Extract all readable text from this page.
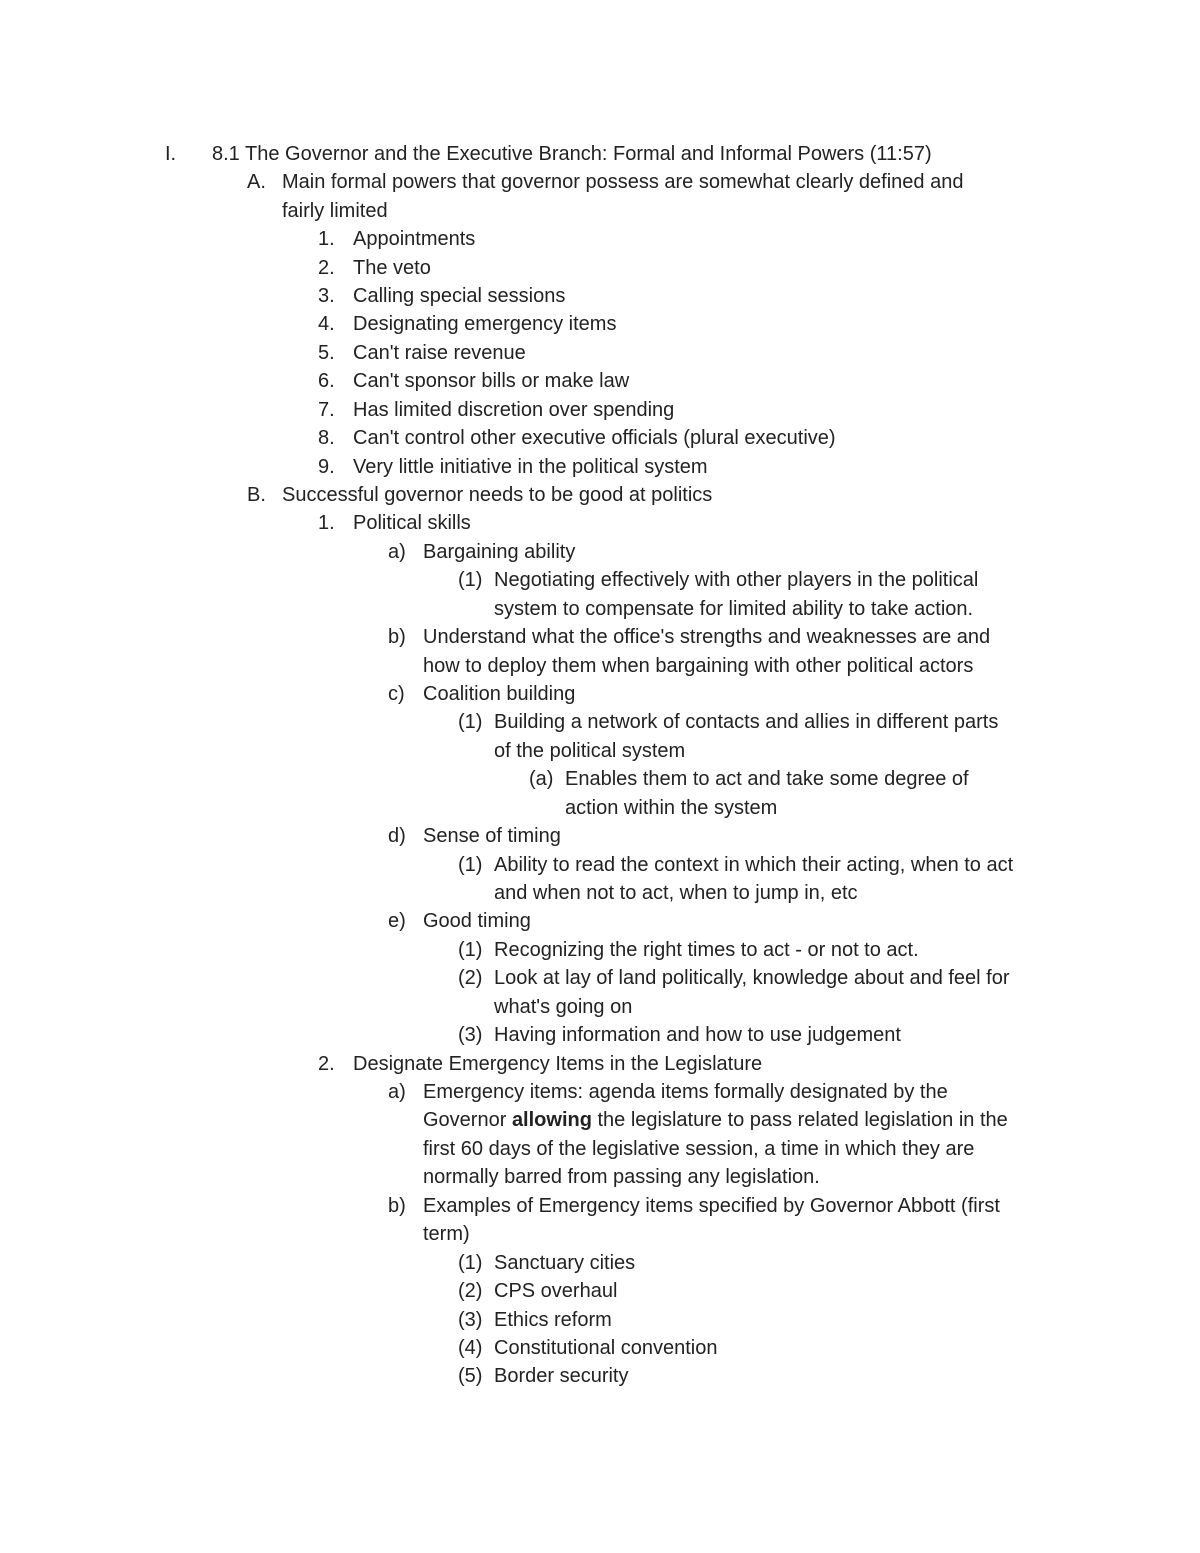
I. 8.1 The Governor and the Executive Branch: Formal and Informal Powers (11:57)
A. Main formal powers that governor possess are somewhat clearly defined and
fairly limited
1. Appointments
2. The veto
3. Calling special sessions
4. Designating emergency items
5. Can't raise revenue
6. Can't sponsor bills or make law
7. Has limited discretion over spending
8. Can't control other executive officials (plural executive)
9. Very little initiative in the political system
B. Successful governor needs to be good at politics
1. Political skills
a) Bargaining ability
(1) Negotiating effectively with other players in the political
system to compensate for limited ability to take action.
b) Understand what the office's strengths and weaknesses are and
how to deploy them when bargaining with other political actors
c) Coalition building
(1) Building a network of contacts and allies in different parts
of the political system
(a) Enables them to act and take some degree of
action within the system
d) Sense of timing
(1) Ability to read the context in which their acting, when to act
and when not to act, when to jump in, etc
e) Good timing
(1) Recognizing the right times to act - or not to act.
(2) Look at lay of land politically, knowledge about and feel for
what's going on
(3) Having information and how to use judgement
2. Designate Emergency Items in the Legislature
a) Emergency items: agenda items formally designated by the
Governor allowing the legislature to pass related legislation in the
first 60 days of the legislative session, a time in which they are
normally barred from passing any legislation.
b) Examples of Emergency items specified by Governor Abbott (first
term)
(1) Sanctuary cities
(2) CPS overhaul
(3) Ethics reform
(4) Constitutional convention
(5) Border security
